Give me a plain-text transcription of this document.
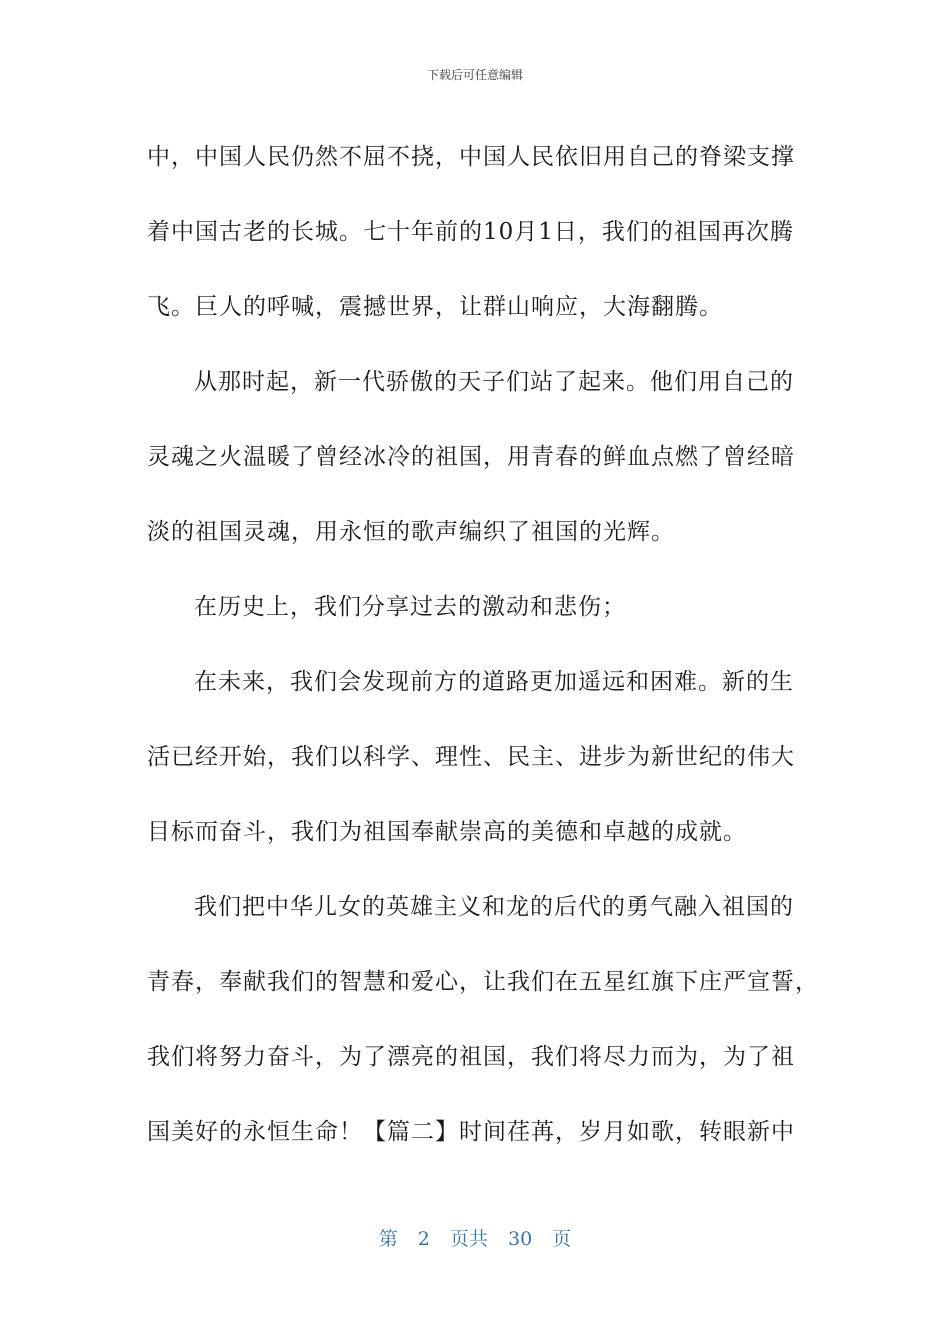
下载后可任意编辑
中，中国人民仍然不屈不挠，中国人民依旧用自己的脊梁支撑
着中国古老的长城。七十年前的10月1日，我们的祖国再次腾
飞。巨人的呼喊，震撼世界，让群山响应，大海翻腾。
从那时起，新一代骄傲的天子们站了起来。他们用自己的
灵魂之火温暖了曾经冰冷的祖国，用青春的鲜血点燃了曾经暗
淡的祖国灵魂，用永恒的歌声编织了祖国的光辉。
在历史上，我们分享过去的激动和悲伤；
在未来，我们会发现前方的道路更加遥远和困难。新的生
活已经开始，我们以科学、理性、民主、进步为新世纪的伟大
目标而奋斗，我们为祖国奉献崇高的美德和卓越的成就。
我们把中华儿女的英雄主义和龙的后代的勇气融入祖国的
青春，奉献我们的智慧和爱心，让我们在五星红旗下庄严宣誓，
我们将努力奋斗，为了漂亮的祖国，我们将尽力而为，为了祖
国美好的永恒生命！【篇二】时间荏苒，岁月如歌，转眼新中
第 2 页共 30 页
